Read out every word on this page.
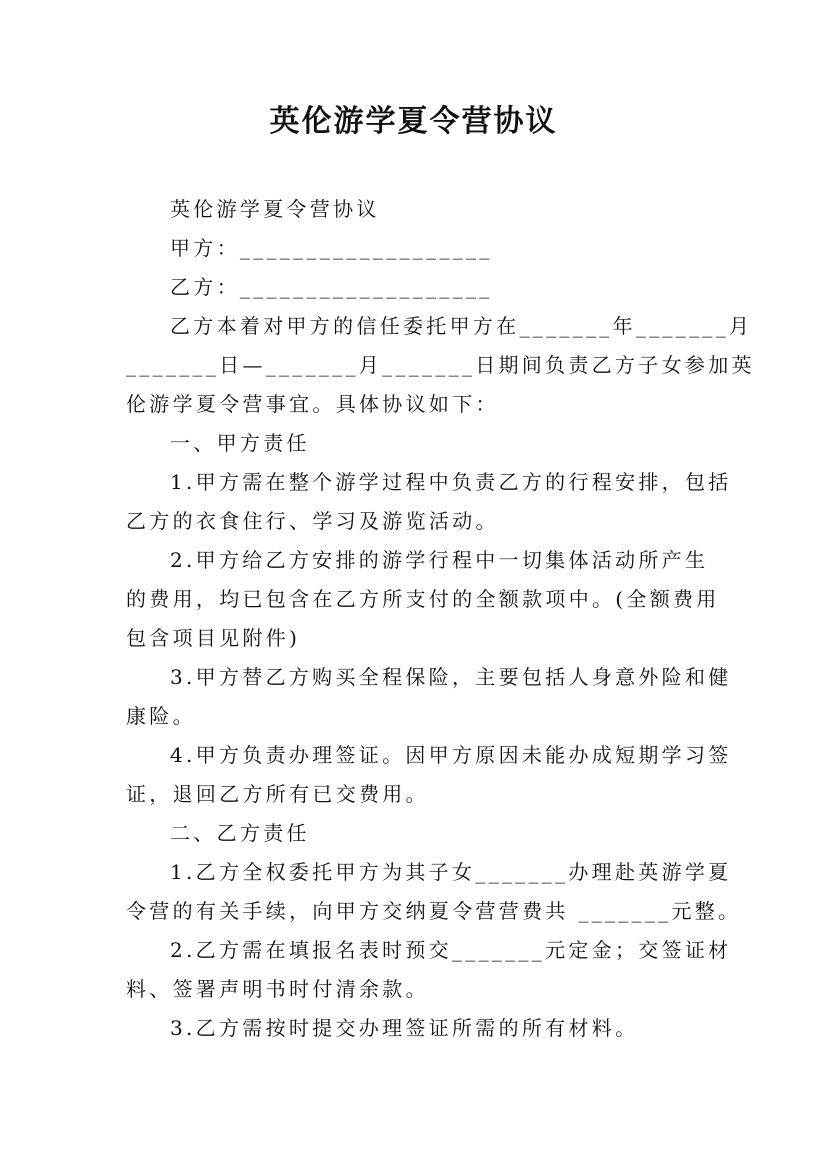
英伦游学夏令营协议
英伦游学夏令营协议
甲方：___________________
乙方：___________________
乙方本着对甲方的信任委托甲方在_______年_______月
_______日—_______月_______日期间负责乙方子女参加英
伦游学夏令营事宜。具体协议如下：
一、甲方责任
1.甲方需在整个游学过程中负责乙方的行程安排，包括
乙方的衣食住行、学习及游览活动。
2.甲方给乙方安排的游学行程中一切集体活动所产生
的费用，均已包含在乙方所支付的全额款项中。(全额费用
包含项目见附件)
3.甲方替乙方购买全程保险，主要包括人身意外险和健
康险。
4.甲方负责办理签证。因甲方原因未能办成短期学习签
证，退回乙方所有已交费用。
二、乙方责任
1.乙方全权委托甲方为其子女_______办理赴英游学夏
令营的有关手续，向甲方交纳夏令营营费共 _______元整。
2.乙方需在填报名表时预交_______元定金；交签证材
料、签署声明书时付清余款。
3.乙方需按时提交办理签证所需的所有材料。
